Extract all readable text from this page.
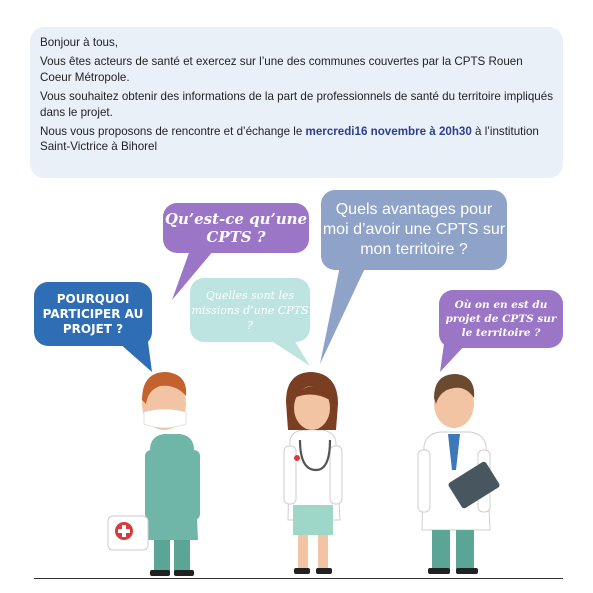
Bonjour à tous,

Vous êtes acteurs de santé et exercez sur l’une des communes couvertes par la CPTS Rouen Coeur Métropole.

Vous souhaitez obtenir des informations de la part de professionnels de santé du territoire impliqués dans le projet.

Nous vous proposons de rencontre et d’échange le mercredi16 novembre à 20h30 à l’institution Saint-Victrice à Bihorel

POURQUOI PARTICIPER AU PROJET ?
Qu’est-ce qu’une CPTS ?
Quelles sont les missions d’une CPTS ?
Quels avantages pour moi d’avoir une CPTS sur mon territoire ?
Où on en est du projet de CPTS sur le territoire ?
